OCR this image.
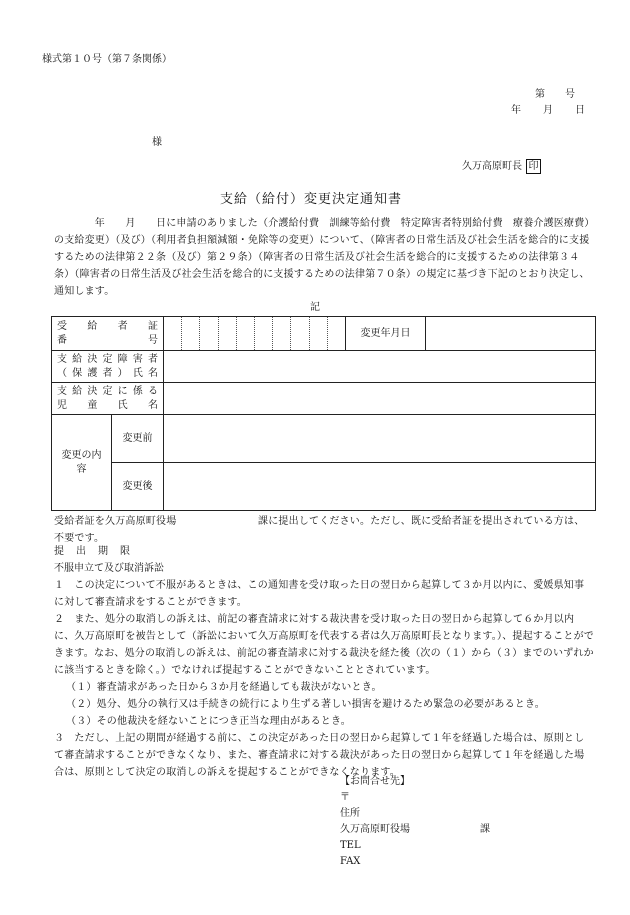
様式第１０号（第７条関係）
第　　号
年　月　日
様
久万高原町長 印
支給（給付）変更決定通知書
　　　　年　　月　　日に申請のありました（介護給付費　訓練等給付費　特定障害者特別給付費　療養介護医療費）の支給変更）（及び）（利用者負担額減額・免除等の変更）について、（障害者の日常生活及び社会生活を総合的に支援するための法律第２２条（及び）第２９条）（障害者の日常生活及び社会生活を総合的に支援するための法律第３４条）（障害者の日常生活及び社会生活を総合的に支援するための法律第７０条）の規定に基づき下記のとおり決定し、通知します。
記
受　給　者　証
番　　　　　号			変更年月日	

支給決定障害者
（保護者）氏名				

支給決定に係る
児　童　氏　名				

変更の内容	変更前			
	変更後			
受給者証を久万高原町役場　　　　　　　　課に提出してください。ただし、既に受給者証を提出されている方は、不要です。
提　出　期　限
不服申立て及び取消訴訟
１　この決定について不服があるときは、この通知書を受け取った日の翌日から起算して３か月以内に、愛媛県知事に対して審査請求をすることができます。
２　また、処分の取消しの訴えは、前記の審査請求に対する裁決書を受け取った日の翌日から起算して６か月以内に、久万高原町を被告として（訴訟において久万高原町を代表する者は久万高原町長となります。）、提起することができます。なお、処分の取消しの訴えは、前記の審査請求に対する裁決を経た後（次の（１）から（３）までのいずれかに該当するときを除く。）でなければ提起することができないこととされています。
（１）審査請求があった日から３か月を経過しても裁決がないとき。
（２）処分、処分の執行又は手続きの続行により生ずる著しい損害を避けるため緊急の必要があるとき。
（３）その他裁決を経ないことにつき正当な理由があるとき。
３　ただし、上記の期間が経過する前に、この決定があった日の翌日から起算して１年を経過した場合は、原則として審査請求することができなくなり、また、審査請求に対する裁決があった日の翌日から起算して１年を経過した場合は、原則として決定の取消しの訴えを提起することができなくなります。
【お問合せ先】
〒
住所
久万高原町役場	課
TEL
FAX
